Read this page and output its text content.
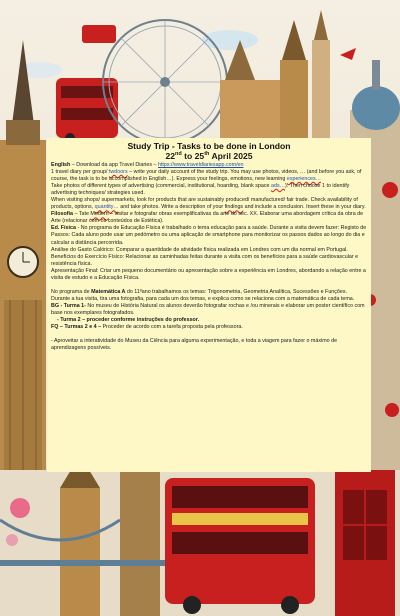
Study Trip - Tasks to be done in London
22nd to 25th April 2025

English – Download da app Travel Diaries – https://www.traveldiariesapp.com/en
1 travel diary per group/ twdoors – write your daily account of the study trip. You may use photos, videos, … (and before you ask, of course, the task is to be accomplished in English…). Express your feelings, emotions, new learning experiences…
Take photos of different types of advertising (commercial, institutional, hoarding, blank space ads…). Then choose 1 to identify advertising techniques/ strategies used.
When visiting shops/ supermarkets, look for products that are sustainably produced/ manufactured/ fair trade. Check availability of products, options, quantity… and take photos. Write a description of your findings and include a conclusion. Insert these in your diary.

Filosofia – Tate Modern – visitar e fotografar obras exemplificativas da arte do séc. XX. Elaborar uma abordagem crítica da obra de Arte (relacionar com os conteúdos de Estética).

Ed. Física - No programa de Educação Física é trabalhado o tema educação para a saúde. Durante a visita devem fazer: Registo de Passos: Cada aluno pode usar um pedómetro ou uma aplicação de smartphone para monitorizar os passos dados ao longo do dia e calcular a distância percorrida.
Análise do Gasto Calórico: Comparar a quantidade de atividade física realizada em Londres com um dia normal em Portugal.
Benefícios do Exercício Físico: Relacionar as caminhadas feitas durante a visita com os benefícios para a saúde cardiovascular e resistência física.
Apresentação Final: Criar um pequeno documentário ou apresentação sobre a experiência em Londres, abordando a relação entre a visita de estudo e a Educação Física.

No programa de Matemática A do 11ºano trabalhamos os temas: Trigonometria, Geometria Analítica, Sucessões e Funções. Durante a tua visita, tira uma fotografia, para cada um dos temas, e explica como se relaciona com a matemática de cada tema.

BG - Turma 1- No museu de História Natural os alunos deverão fotografar rochas e /ou minerais e elaborar um poster científico com base nos exemplares fotografados.
- Turma 2 – proceder conforme instruções do professor.

FQ – Turmas 2 e 4 – Proceder de acordo com a tarefa proposta pela professora.

- Aproveitar a interatividade do Museu da Ciência para alguma experimentação, e toda a viagem para fazer o máximo de aprendizagens possíveis.
